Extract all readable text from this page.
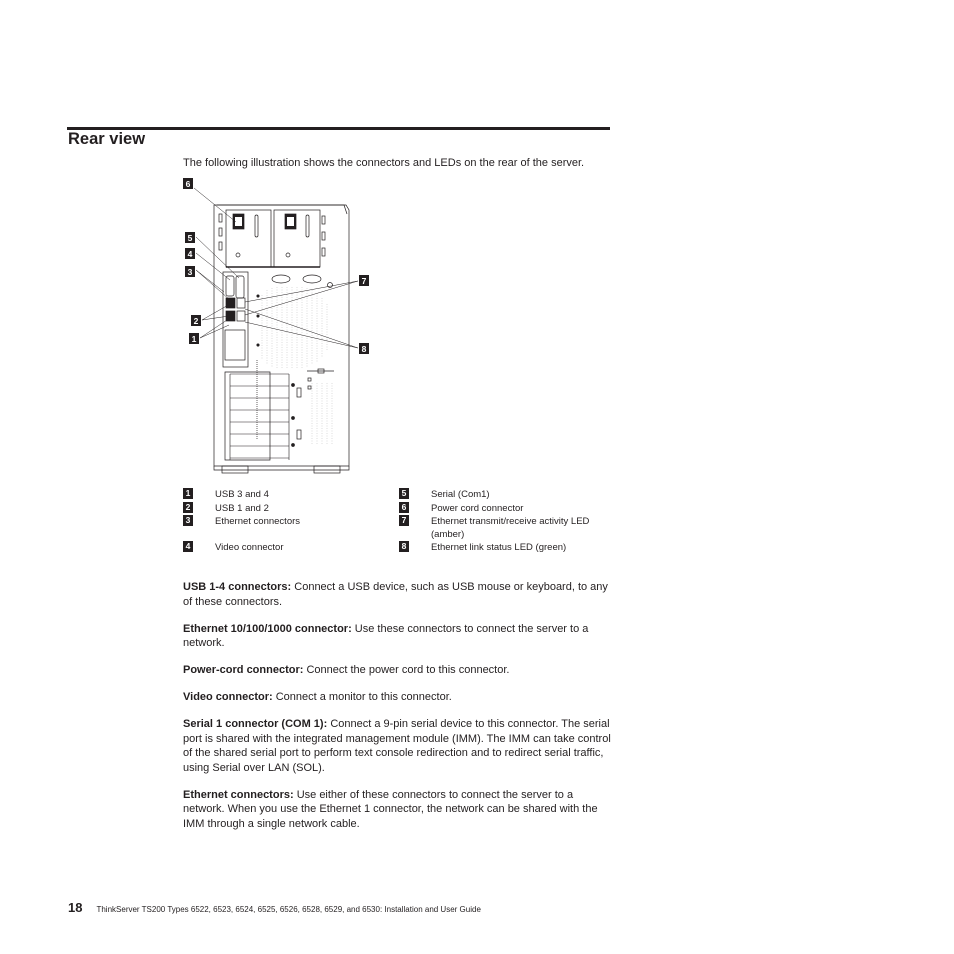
Rear view

The following illustration shows the connectors and LEDs on the rear of the server.

6
5
4
3
2
1
7
8
1	USB 3 and 4
2	USB 1 and 2
3	Ethernet connectors
4	Video connector
5	Serial (Com1)
6	Power cord connector
7	Ethernet transmit/receive activity LED (amber)
8	Ethernet link status LED (green)

USB 1-4 connectors: Connect a USB device, such as USB mouse or keyboard, to any of these connectors.

Ethernet 10/100/1000 connector: Use these connectors to connect the server to a network.

Power-cord connector: Connect the power cord to this connector.

Video connector: Connect a monitor to this connector.

Serial 1 connector (COM 1): Connect a 9-pin serial device to this connector. The serial port is shared with the integrated management module (IMM). The IMM can take control of the shared serial port to perform text console redirection and to redirect serial traffic, using Serial over LAN (SOL).

Ethernet connectors: Use either of these connectors to connect the server to a network. When you use the Ethernet 1 connector, the network can be shared with the IMM through a single network cable.

18 ThinkServer TS200 Types 6522, 6523, 6524, 6525, 6526, 6528, 6529, and 6530: Installation and User Guide
